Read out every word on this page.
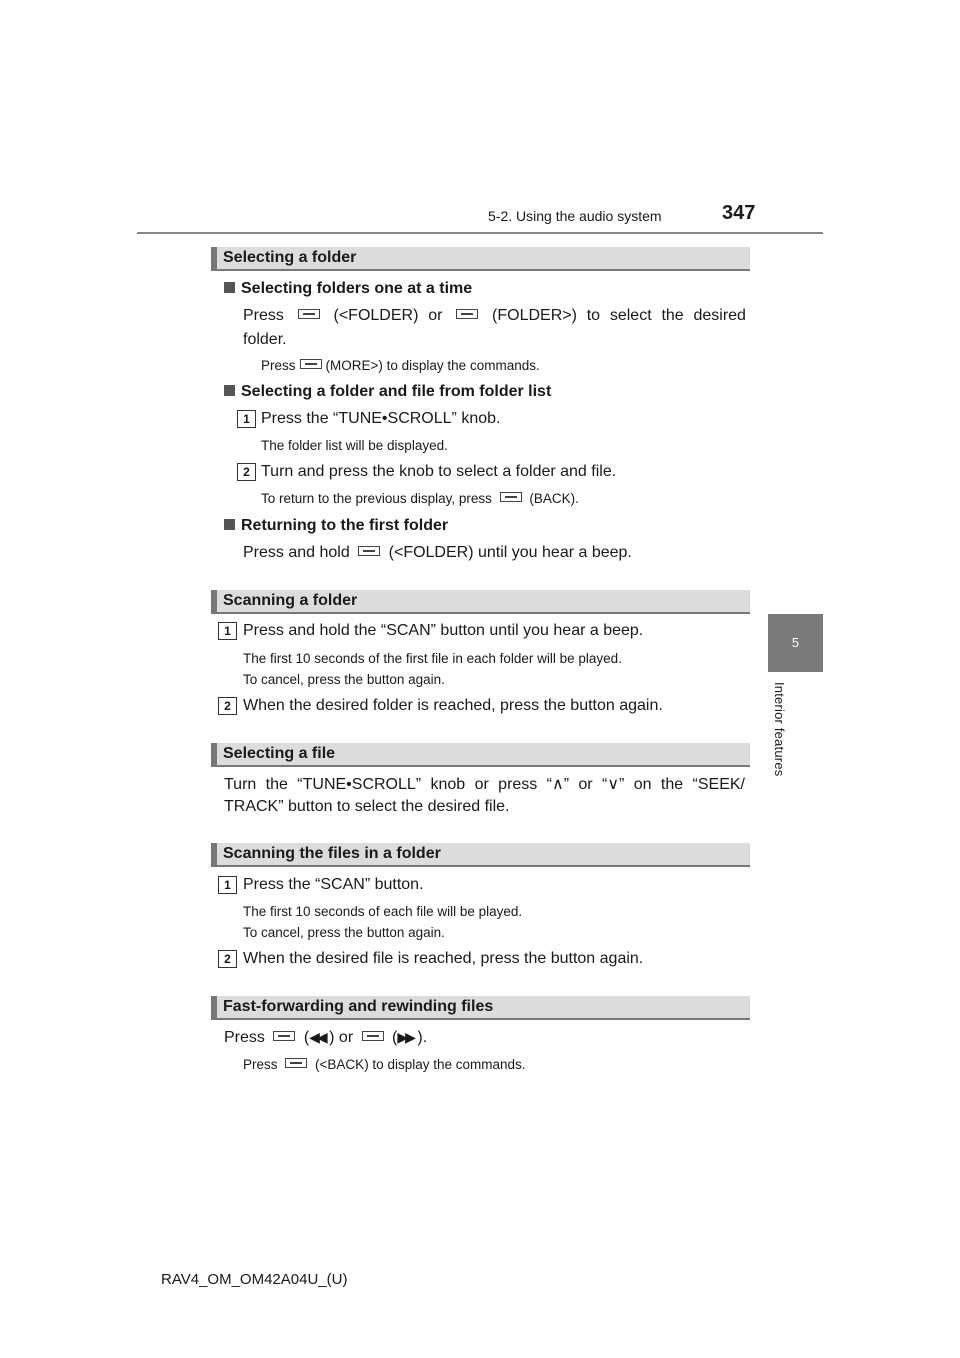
5-2. Using the audio system	347
5
Interior features
Selecting a folder
Selecting folders one at a time
Press	(<FOLDER) or	(FOLDER>) to select the desired
folder.
Press (MORE>) to display the commands.
Selecting a folder and file from folder list
1 Press the “TUNE•SCROLL” knob.
The folder list will be displayed.
2 Turn and press the knob to select a folder and file.
To return to the previous display, press	(BACK).
Returning to the first folder
Press and hold (<FOLDER) until you hear a beep.
Scanning a folder
1 Press and hold the “SCAN” button until you hear a beep.
The first 10 seconds of the first file in each folder will be played.
To cancel, press the button again.
2 When the desired folder is reached, press the button again.
Selecting a file
Turn the “TUNE•SCROLL” knob or press “∧” or “∨” on the “SEEK/
TRACK” button to select the desired file.
Scanning the files in a folder
1 Press the “SCAN” button.
The first 10 seconds of each file will be played.
To cancel, press the button again.
2 When the desired file is reached, press the button again.
Fast-forwarding and rewinding files
Press (◀◀ ) or (▶▶ ).
Press	(<BACK) to display the commands.
RAV4_OM_OM42A04U_(U)
